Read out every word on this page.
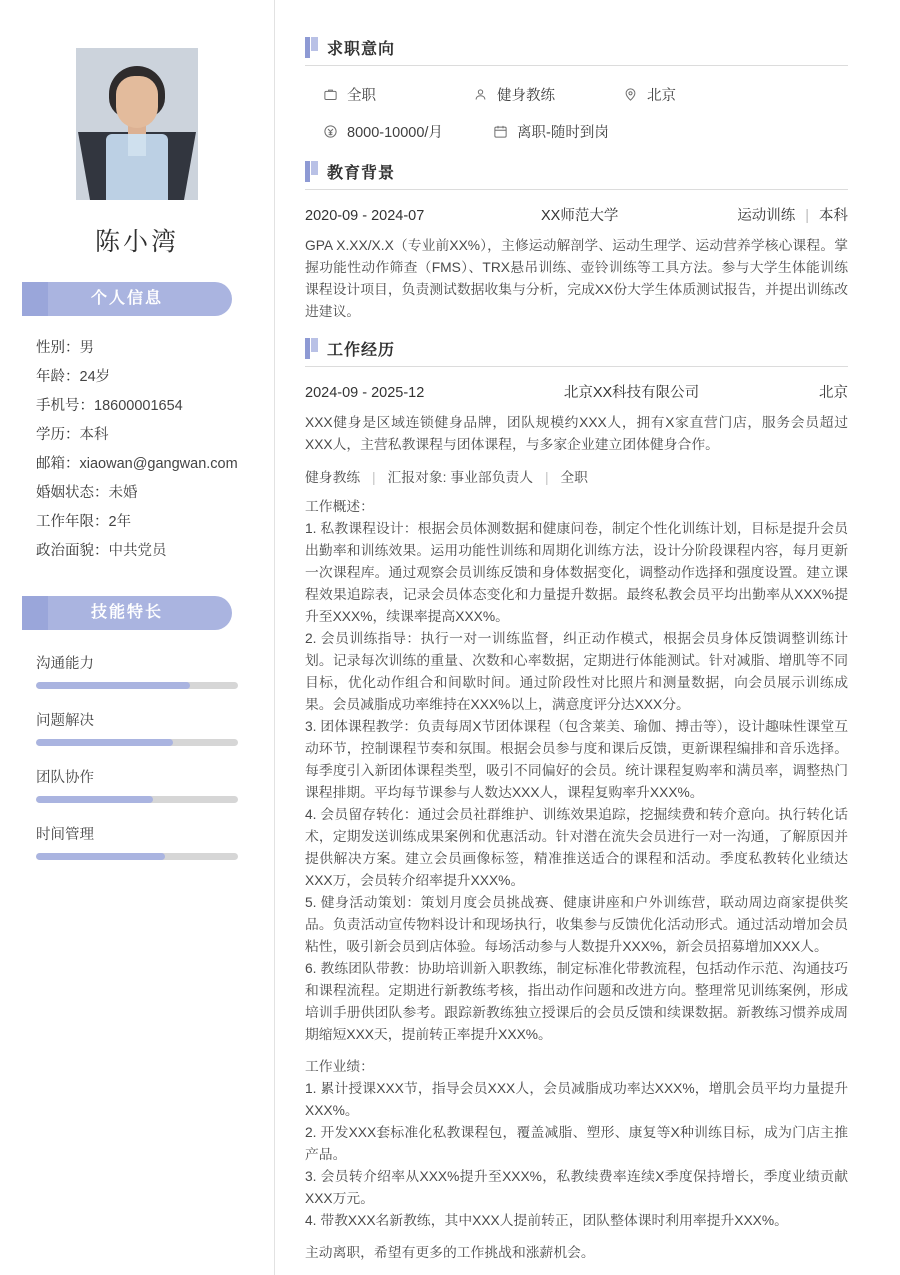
陈小湾
个人信息
性别：男
年龄：24岁
手机号：18600001654
学历：本科
邮箱：xiaowan@gangwan.com
婚姻状态：未婚
工作年限：2年
政治面貌：中共党员
技能特长
沟通能力
问题解决
团队协作
时间管理
求职意向
全职	健身教练	北京
8000-10000/月	离职-随时到岗
教育背景
2020-09 - 2024-07	XX师范大学	运动训练 | 本科

GPA X.XX/X.X（专业前XX%），主修运动解剖学、运动生理学、运动营养学核心课程。掌握功能性动作筛查（FMS）、TRX悬吊训练、壶铃训练等工具方法。参与大学生体能训练课程设计项目，负责测试数据收集与分析，完成XX份大学生体质测试报告，并提出训练改进建议。

工作经历
2024-09 - 2025-12	北京XX科技有限公司	北京

XXX健身是区域连锁健身品牌，团队规模约XXX人，拥有X家直营门店，服务会员超过XXX人，主营私教课程与团体课程，与多家企业建立团体健身合作。

健身教练 | 汇报对象: 事业部负责人 | 全职
工作概述：

1. 私教课程设计：根据会员体测数据和健康问卷，制定个性化训练计划，目标是提升会员出勤率和训练效果。运用功能性训练和周期化训练方法，设计分阶段课程内容，每月更新一次课程库。通过观察会员训练反馈和身体数据变化，调整动作选择和强度设置。建立课程效果追踪表，记录会员体态变化和力量提升数据。最终私教会员平均出勤率从XXX%提升至XXX%，续课率提高XXX%。

2. 会员训练指导：执行一对一训练监督，纠正动作模式，根据会员身体反馈调整训练计划。记录每次训练的重量、次数和心率数据，定期进行体能测试。针对减脂、增肌等不同目标，优化动作组合和间歇时间。通过阶段性对比照片和测量数据，向会员展示训练成果。会员减脂成功率维持在XXX%以上，满意度评分达XXX分。

3. 团体课程教学：负责每周X节团体课程（包含莱美、瑜伽、搏击等），设计趣味性课堂互动环节，控制课程节奏和氛围。根据会员参与度和课后反馈，更新课程编排和音乐选择。每季度引入新团体课程类型，吸引不同偏好的会员。统计课程复购率和满员率，调整热门课程排期。平均每节课参与人数达XXX人，课程复购率升XXX%。

4. 会员留存转化：通过会员社群维护、训练效果追踪，挖掘续费和转介意向。执行转化话术，定期发送训练成果案例和优惠活动。针对潜在流失会员进行一对一沟通，了解原因并提供解决方案。建立会员画像标签，精准推送适合的课程和活动。季度私教转化业绩达XXX万，会员转介绍率提升XXX%。

5. 健身活动策划：策划月度会员挑战赛、健康讲座和户外训练营，联动周边商家提供奖品。负责活动宣传物料设计和现场执行，收集参与反馈优化活动形式。通过活动增加会员粘性，吸引新会员到店体验。每场活动参与人数提升XXX%，新会员招募增加XXX人。

6. 教练团队带教：协助培训新入职教练，制定标准化带教流程，包括动作示范、沟通技巧和课程流程。定期进行新教练考核，指出动作问题和改进方向。整理常见训练案例，形成培训手册供团队参考。跟踪新教练独立授课后的会员反馈和续课数据。新教练习惯养成周期缩短XXX天，提前转正率提升XXX%。

工作业绩：

1. 累计授课XXX节，指导会员XXX人，会员减脂成功率达XXX%，增肌会员平均力量提升XXX%。

2. 开发XXX套标准化私教课程包，覆盖减脂、塑形、康复等X种训练目标，成为门店主推产品。

3. 会员转介绍率从XXX%提升至XXX%，私教续费率连续X季度保持增长，季度业绩贡献XXX万元。

4. 带教XXX名新教练，其中XXX人提前转正，团队整体课时利用率提升XXX%。

主动离职，希望有更多的工作挑战和涨薪机会。
